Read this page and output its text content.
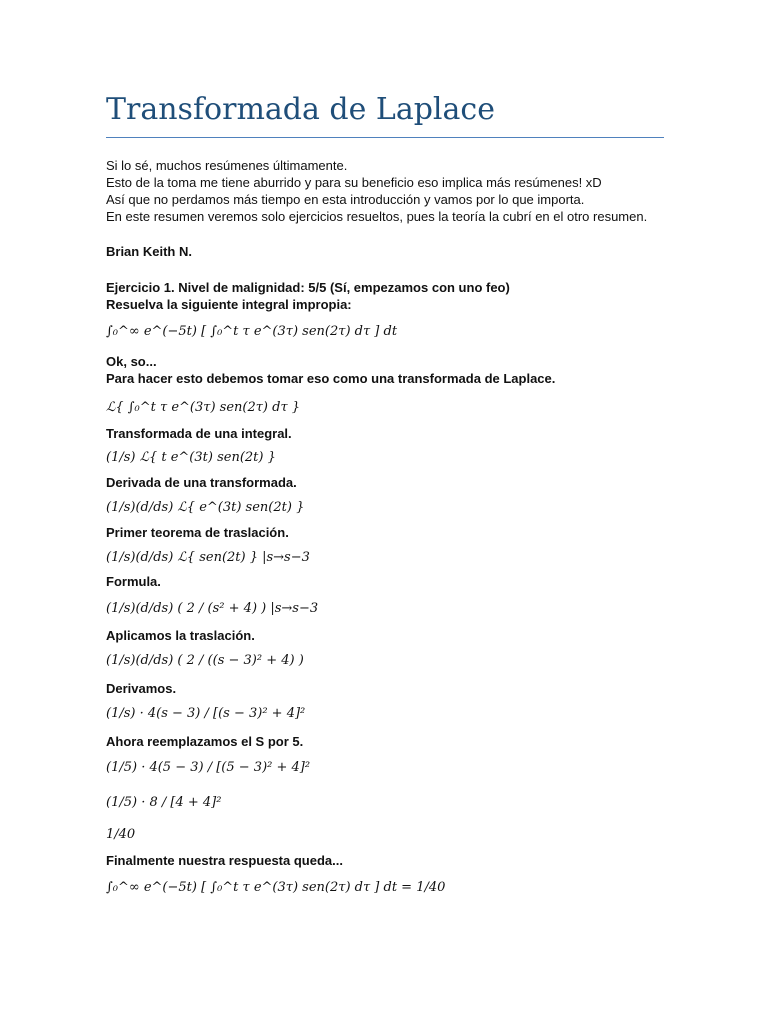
Transformada de Laplace
Si lo sé, muchos resúmenes últimamente.
Esto de la toma me tiene aburrido y para su beneficio eso implica más resúmenes! xD
Así que no perdamos más tiempo en esta introducción y vamos por lo que importa.
En este resumen veremos solo ejercicios resueltos, pues la teoría la cubrí en el otro resumen.
Brian Keith N.
Ejercicio 1. Nivel de malignidad: 5/5 (Sí, empezamos con uno feo)
Resuelva la siguiente integral impropia:
∫₀^∞ e^(−5t) [ ∫₀^t τ e^(3τ) sen(2τ) dτ ] dt
Ok, so...
Para hacer esto debemos tomar eso como una transformada de Laplace.
ℒ{ ∫₀^t τ e^(3τ) sen(2τ) dτ }
Transformada de una integral.
(1/s) ℒ{ t e^(3t) sen(2t) }
Derivada de una transformada.
(1/s)(d/ds) ℒ{ e^(3t) sen(2t) }
Primer teorema de traslación.
(1/s)(d/ds) ℒ{ sen(2t) } |s→s−3
Formula.
(1/s)(d/ds) ( 2 / (s² + 4) ) |s→s−3
Aplicamos la traslación.
(1/s)(d/ds) ( 2 / ((s − 3)² + 4) )
Derivamos.
(1/s) · 4(s − 3) / [(s − 3)² + 4]²
Ahora reemplazamos el S por 5.
(1/5) · 4(5 − 3) / [(5 − 3)² + 4]²
(1/5) · 8 / [4 + 4]²
1/40
Finalmente nuestra respuesta queda...
∫₀^∞ e^(−5t) [ ∫₀^t τ e^(3τ) sen(2τ) dτ ] dt = 1/40
